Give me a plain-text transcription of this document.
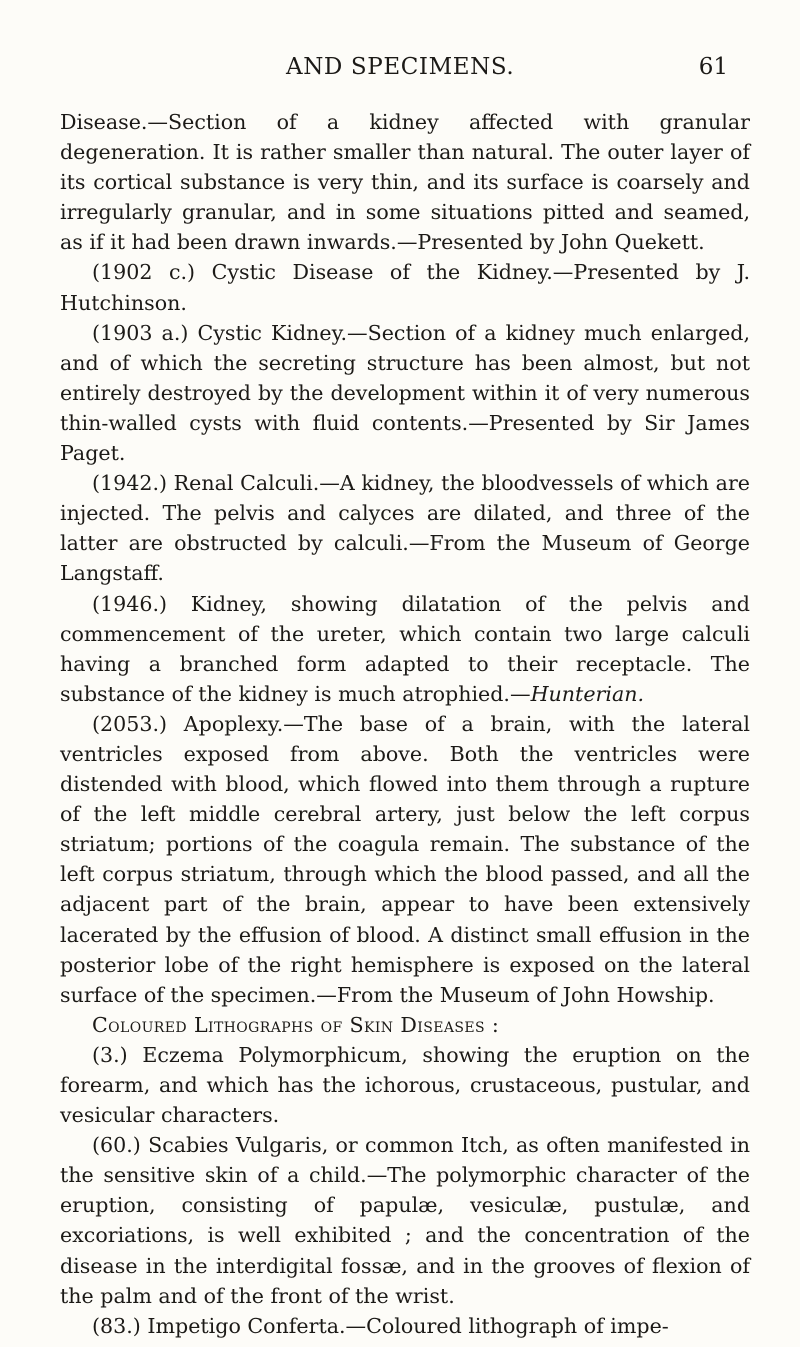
AND SPECIMENS.	61

Disease.—Section of a kidney affected with granular degeneration. It is rather smaller than natural. The outer layer of its cortical substance is very thin, and its surface is coarsely and irregularly granular, and in some situations pitted and seamed, as if it had been drawn inwards.—Presented by John Quekett.

(1902 c.) Cystic Disease of the Kidney.—Presented by J. Hutchinson.

(1903 a.) Cystic Kidney.—Section of a kidney much enlarged, and of which the secreting structure has been almost, but not entirely destroyed by the development within it of very numerous thin-walled cysts with fluid contents.—Presented by Sir James Paget.

(1942.) Renal Calculi.—A kidney, the bloodvessels of which are injected. The pelvis and calyces are dilated, and three of the latter are obstructed by calculi.—From the Museum of George Langstaff.

(1946.) Kidney, showing dilatation of the pelvis and commencement of the ureter, which contain two large calculi having a branched form adapted to their receptacle. The substance of the kidney is much atrophied.—Hunterian.

(2053.) Apoplexy.—The base of a brain, with the lateral ventricles exposed from above. Both the ventricles were distended with blood, which flowed into them through a rupture of the left middle cerebral artery, just below the left corpus striatum; portions of the coagula remain. The substance of the left corpus striatum, through which the blood passed, and all the adjacent part of the brain, appear to have been extensively lacerated by the effusion of blood. A distinct small effusion in the posterior lobe of the right hemisphere is exposed on the lateral surface of the specimen.—From the Museum of John Howship.

Coloured Lithographs of Skin Diseases :

(3.) Eczema Polymorphicum, showing the eruption on the forearm, and which has the ichorous, crustaceous, pustular, and vesicular characters.

(60.) Scabies Vulgaris, or common Itch, as often manifested in the sensitive skin of a child.—The polymorphic character of the eruption, consisting of papulæ, vesiculæ, pustulæ, and excoriations, is well exhibited ; and the concentration of the disease in the interdigital fossæ, and in the grooves of flexion of the palm and of the front of the wrist.

(83.) Impetigo Conferta.—Coloured lithograph of impe-
